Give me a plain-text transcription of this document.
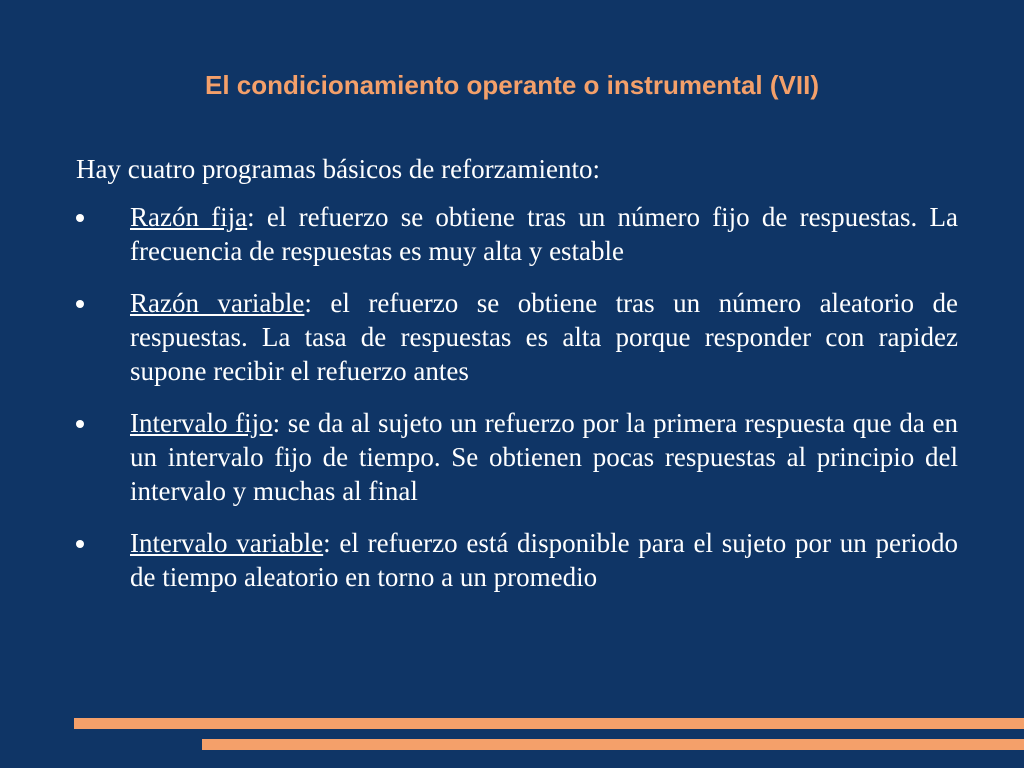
El condicionamiento operante o instrumental (VII)

Hay cuatro programas básicos de reforzamiento:

Razón fija: el refuerzo se obtiene tras un número fijo de respuestas. La frecuencia de respuestas es muy alta y estable
Razón variable: el refuerzo se obtiene tras un número aleatorio de respuestas. La tasa de respuestas es alta porque responder con rapidez supone recibir el refuerzo antes
Intervalo fijo: se da al sujeto un refuerzo por la primera respuesta que da en un intervalo fijo de tiempo. Se obtienen pocas respuestas al principio del intervalo y muchas al final
Intervalo variable: el refuerzo está disponible para el sujeto por un periodo de tiempo aleatorio en torno a un promedio
